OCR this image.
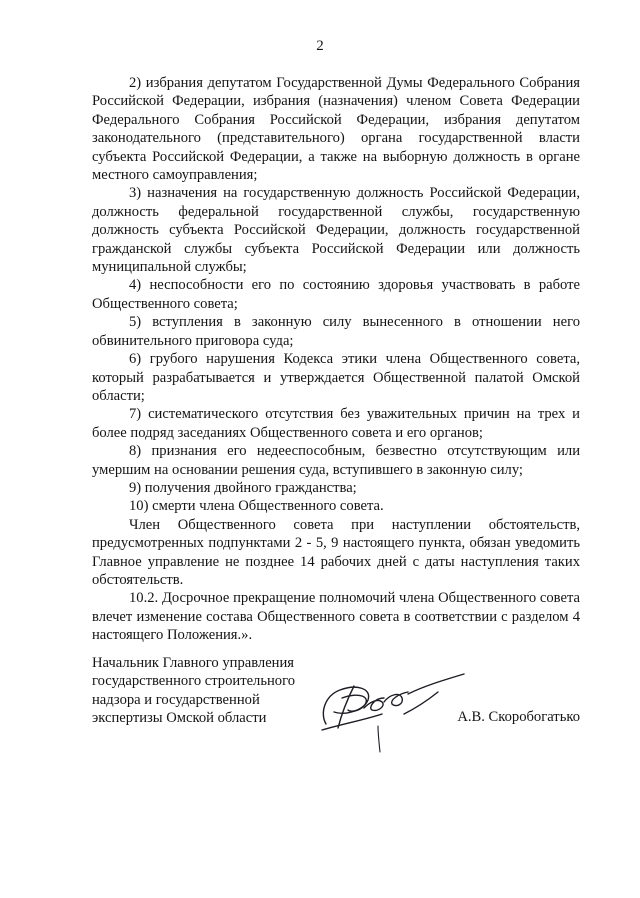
2

2) избрания депутатом Государственной Думы Федерального Собрания Российской Федерации, избрания (назначения) членом Совета Федерации Федерального Собрания Российской Федерации, избрания депутатом законодательного (представительного) органа государственной власти субъекта Российской Федерации, а также на выборную должность в органе местного самоуправления;

3) назначения на государственную должность Российской Федерации, должность федеральной государственной службы, государственную должность субъекта Российской Федерации, должность государственной гражданской службы субъекта Российской Федерации или должность муниципальной службы;

4) неспособности его по состоянию здоровья участвовать в работе Общественного совета;

5) вступления в законную силу вынесенного в отношении него обвинительного приговора суда;

6) грубого нарушения Кодекса этики члена Общественного совета, который разрабатывается и утверждается Общественной палатой Омской области;

7) систематического отсутствия без уважительных причин на трех и более подряд заседаниях Общественного совета и его органов;

8) признания его недееспособным, безвестно отсутствующим или умершим на основании решения суда, вступившего в законную силу;

9) получения двойного гражданства;

10) смерти члена Общественного совета.

Член Общественного совета при наступлении обстоятельств, предусмотренных подпунктами 2 - 5, 9 настоящего пункта, обязан уведомить Главное управление не позднее 14 рабочих дней с даты наступления таких обстоятельств.

10.2. Досрочное прекращение полномочий члена Общественного совета влечет изменение состава Общественного совета в соответствии с разделом 4 настоящего Положения.».

Начальник Главного управления
государственного строительного
надзора и государственной
экспертизы Омской области	А.В. Скоробогатько
